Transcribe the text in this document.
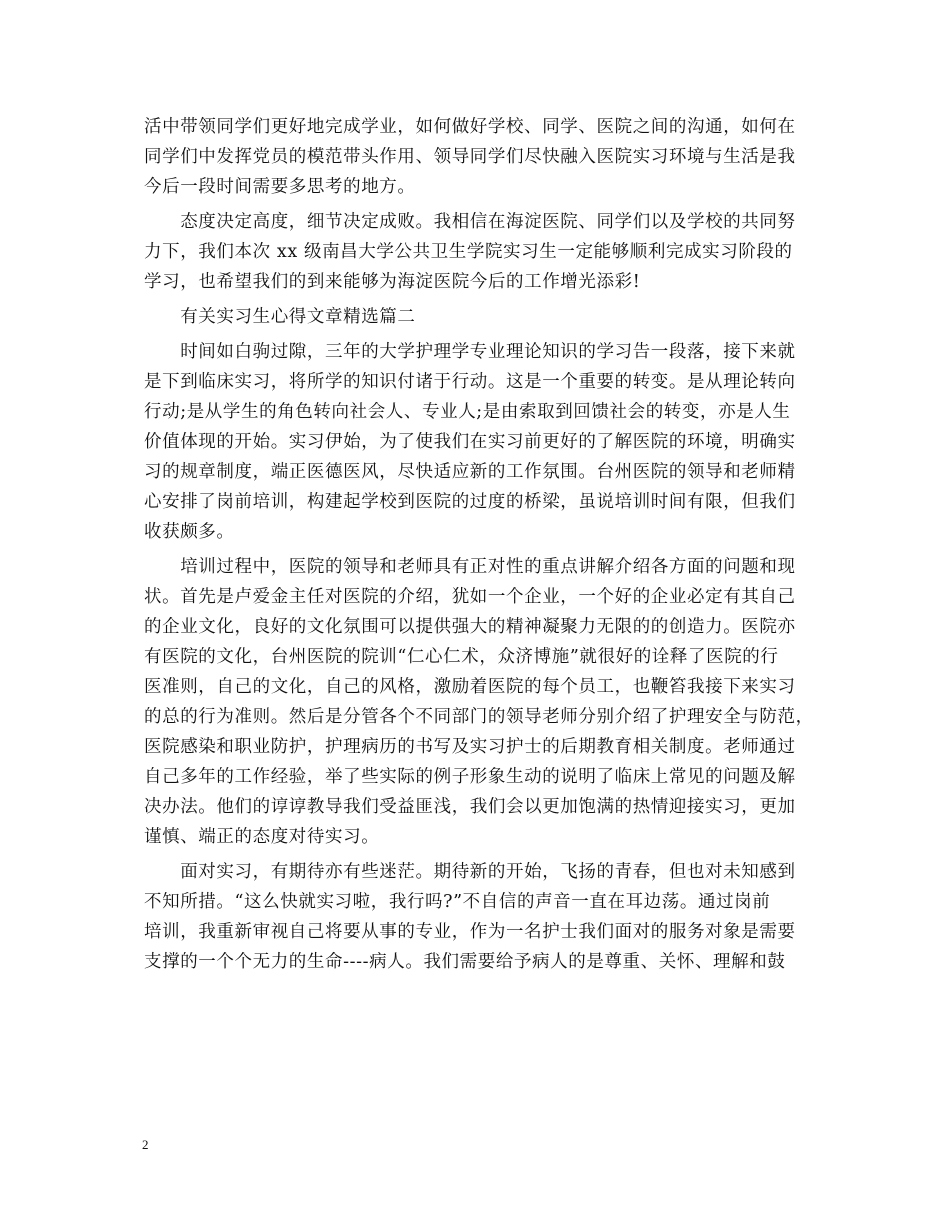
活中带领同学们更好地完成学业，如何做好学校、同学、医院之间的沟通，如何在
同学们中发挥党员的模范带头作用、领导同学们尽快融入医院实习环境与生活是我
今后一段时间需要多思考的地方。
　　态度决定高度，细节决定成败。我相信在海淀医院、同学们以及学校的共同努
力下，我们本次 xx 级南昌大学公共卫生学院实习生一定能够顺利完成实习阶段的
学习，也希望我们的到来能够为海淀医院今后的工作增光添彩!
　　有关实习生心得文章精选篇二
　　时间如白驹过隙，三年的大学护理学专业理论知识的学习告一段落，接下来就
是下到临床实习，将所学的知识付诸于行动。这是一个重要的转变。是从理论转向
行动;是从学生的角色转向社会人、专业人;是由索取到回馈社会的转变，亦是人生
价值体现的开始。实习伊始，为了使我们在实习前更好的了解医院的环境，明确实
习的规章制度，端正医德医风，尽快适应新的工作氛围。台州医院的领导和老师精
心安排了岗前培训，构建起学校到医院的过度的桥梁，虽说培训时间有限，但我们
收获颇多。
　　培训过程中，医院的领导和老师具有正对性的重点讲解介绍各方面的问题和现
状。首先是卢爱金主任对医院的介绍，犹如一个企业，一个好的企业必定有其自己
的企业文化，良好的文化氛围可以提供强大的精神凝聚力无限的的创造力。医院亦
有医院的文化，台州医院的院训“仁心仁术，众济博施”就很好的诠释了医院的行
医准则，自己的文化，自己的风格，激励着医院的每个员工，也鞭笞我接下来实习
的总的行为准则。然后是分管各个不同部门的领导老师分别介绍了护理安全与防范，
医院感染和职业防护，护理病历的书写及实习护士的后期教育相关制度。老师通过
自己多年的工作经验，举了些实际的例子形象生动的说明了临床上常见的问题及解
决办法。他们的谆谆教导我们受益匪浅，我们会以更加饱满的热情迎接实习，更加
谨慎、端正的态度对待实习。
　　面对实习，有期待亦有些迷茫。期待新的开始，飞扬的青春，但也对未知感到
不知所措。“这么快就实习啦，我行吗?”不自信的声音一直在耳边荡。通过岗前
培训，我重新审视自己将要从事的专业，作为一名护士我们面对的服务对象是需要
支撑的一个个无力的生命----病人。我们需要给予病人的是尊重、关怀、理解和鼓
2
